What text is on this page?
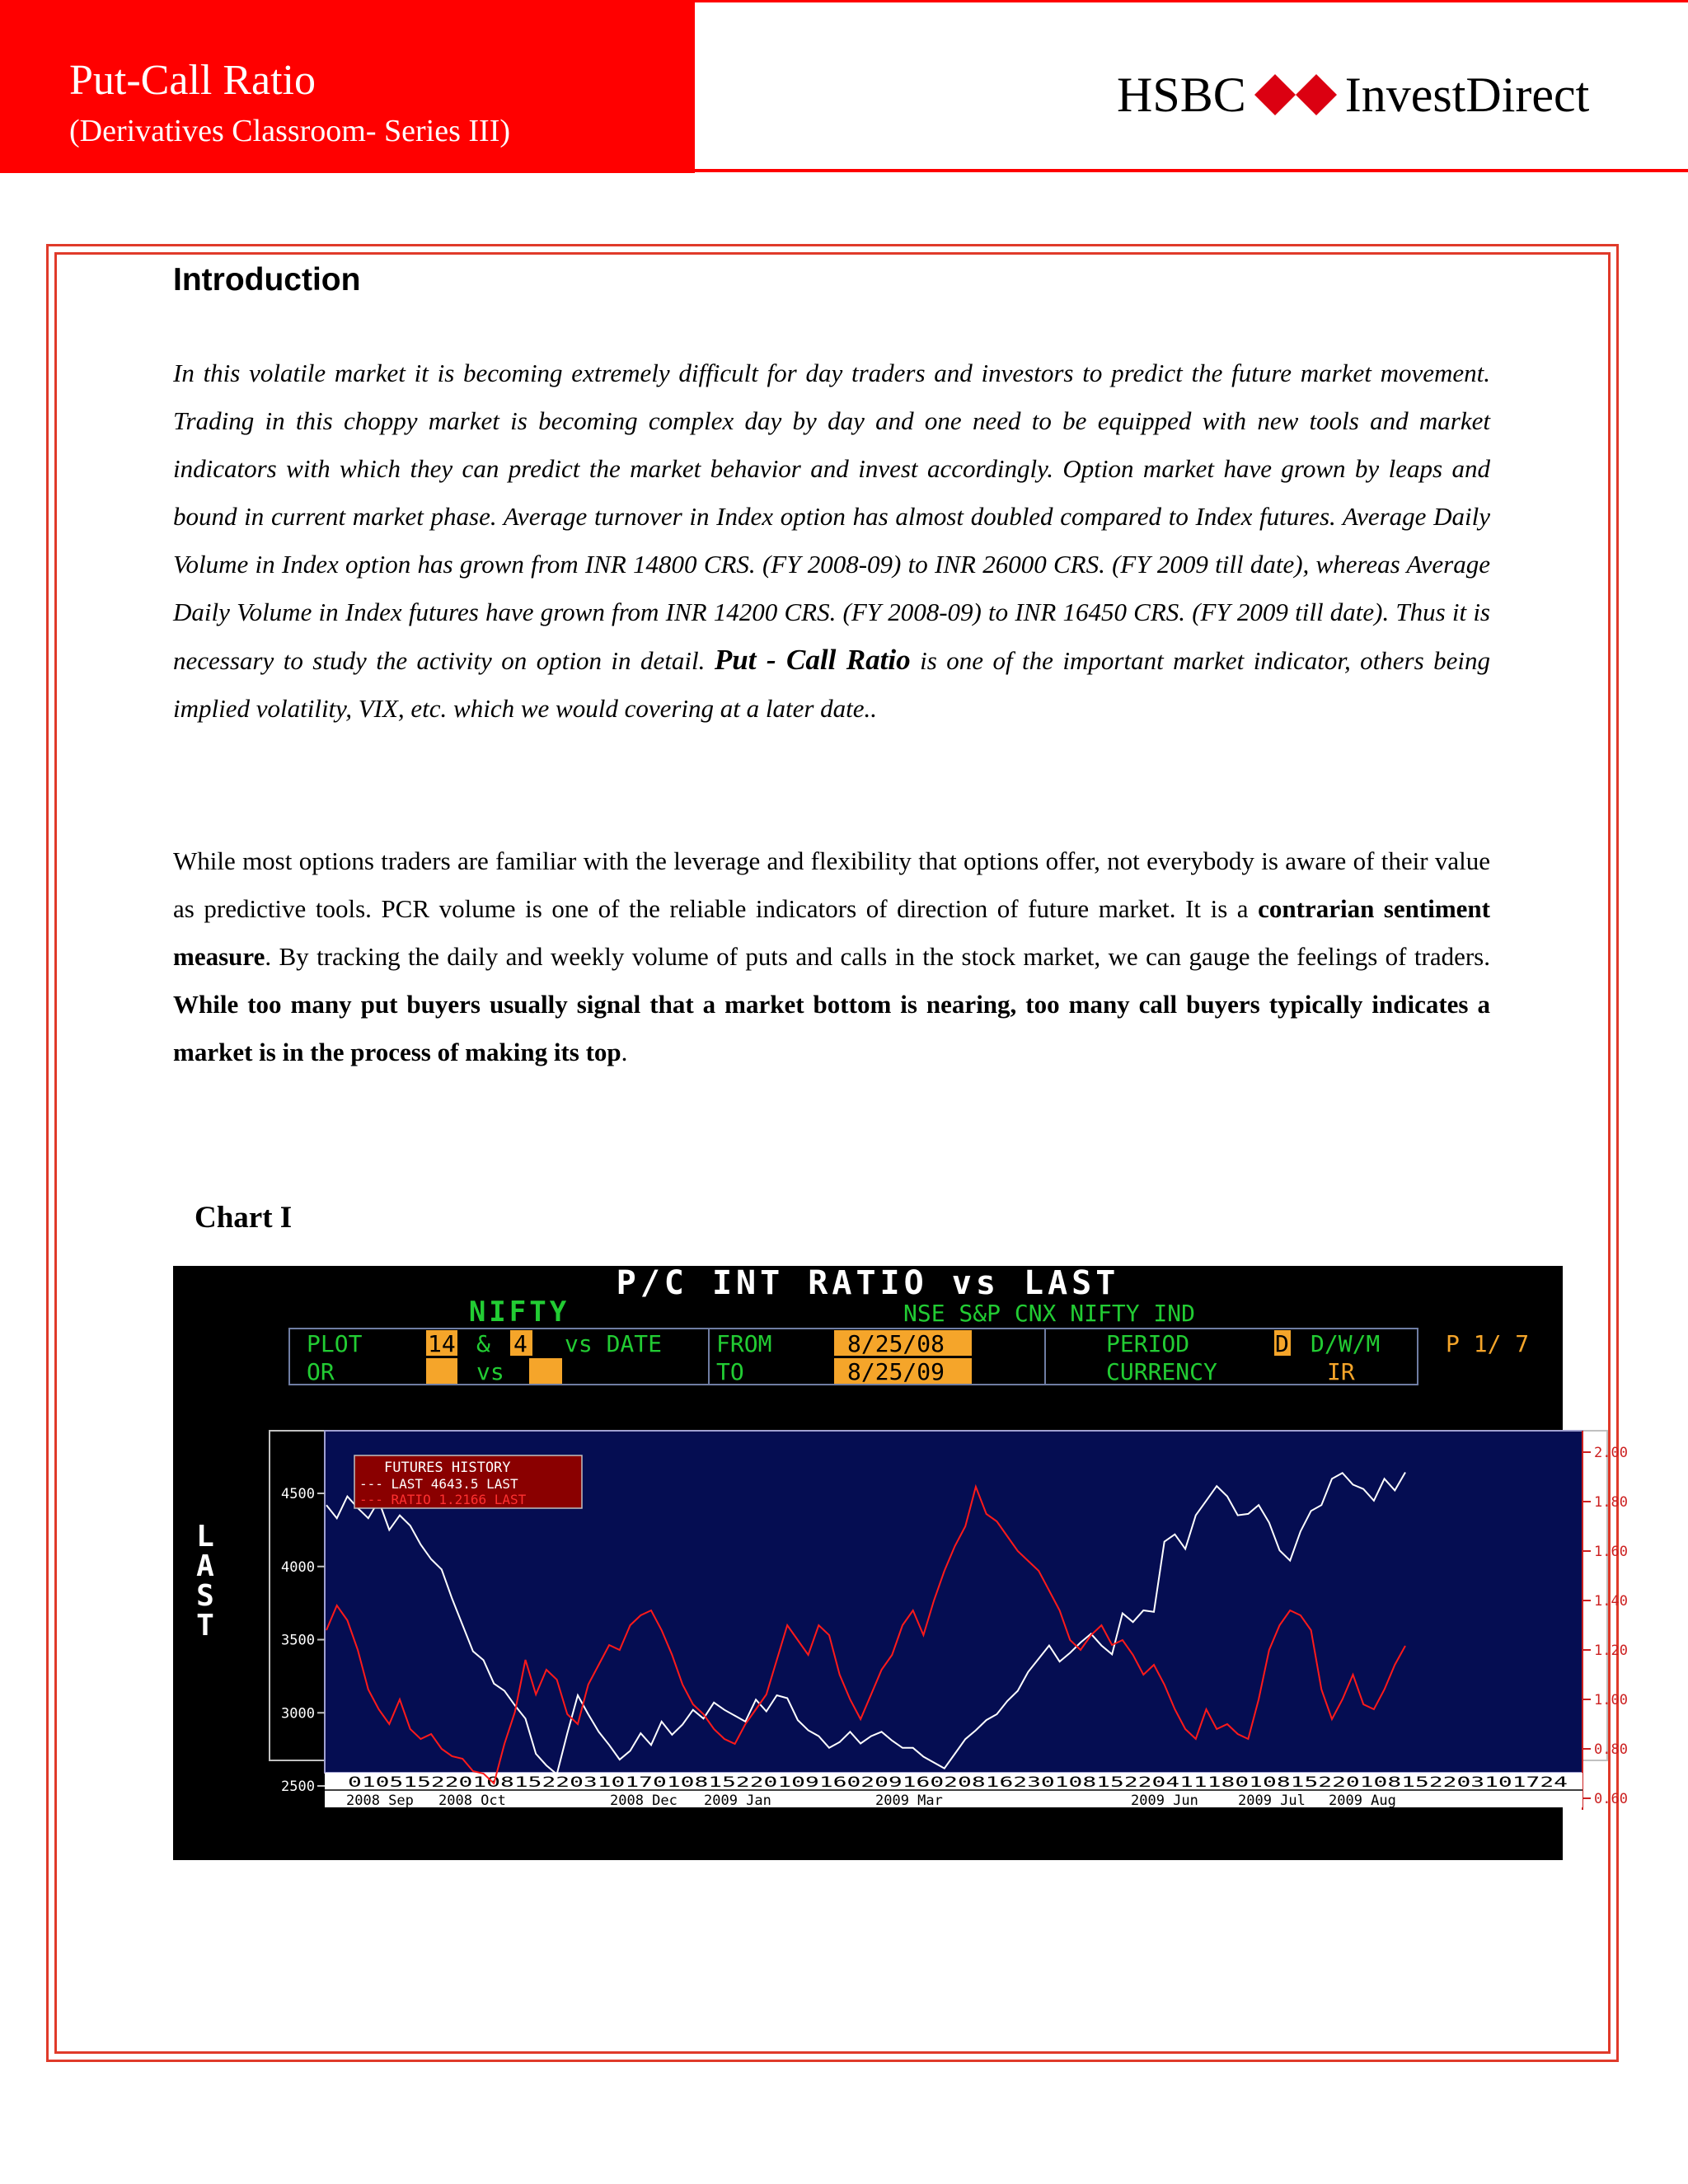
Put-Call Ratio
(Derivatives Classroom- Series III)
HSBC InvestDirect
Introduction
In this volatile market it is becoming extremely difficult for day traders and investors to predict the future market movement. Trading in this choppy market is becoming complex day by day and one need to be equipped with new tools and market indicators with which they can predict the market behavior and invest accordingly. Option market have grown by leaps and bound in current market phase. Average turnover in Index option has almost doubled compared to Index futures. Average Daily Volume in Index option has grown from INR 14800 CRS. (FY 2008-09) to INR 26000 CRS. (FY 2009 till date), whereas Average Daily Volume in Index futures have grown from INR 14200 CRS. (FY 2008-09) to INR 16450 CRS. (FY 2009 till date). Thus it is necessary to study the activity on option in detail. Put - Call Ratio is one of the important market indicator, others being implied volatility, VIX, etc. which we would covering at a later date..
While most options traders are familiar with the leverage and flexibility that options offer, not everybody is aware of their value as predictive tools. PCR volume is one of the reliable indicators of direction of future market. It is a contrarian sentiment measure. By tracking the daily and weekly volume of puts and calls in the stock market, we can gauge the feelings of traders. While too many put buyers usually signal that a market bottom is nearing, too many call buyers typically indicates a market is in the process of making its top.
Chart I
P/C INT RATIO vs LAST
NIFTY	NSE S&P CNX NIFTY IND
PLOT	14 & 4 vs DATE
OR	vs
FROM	8/25/08
TO	8/25/09
PERIOD	D D/W/M
CURRENCY	IR
P 1/ 7
L
A
S
T
4500
4000
3500
3000
2500
2.00
1.80
1.60
1.40
1.20
1.00
0.80
0.60
0105152201081522031017010815220109160209160208162301081522041118010815220108152203101724
2008 Sep 2008 Oct	2008 Dec 2009 Jan	2009 Mar	2009 Jun	2009 Jul 2009 Aug
FUTURES HISTORY
--- LAST 4643.5 LAST
--- RATIO 1.2166 LAST
